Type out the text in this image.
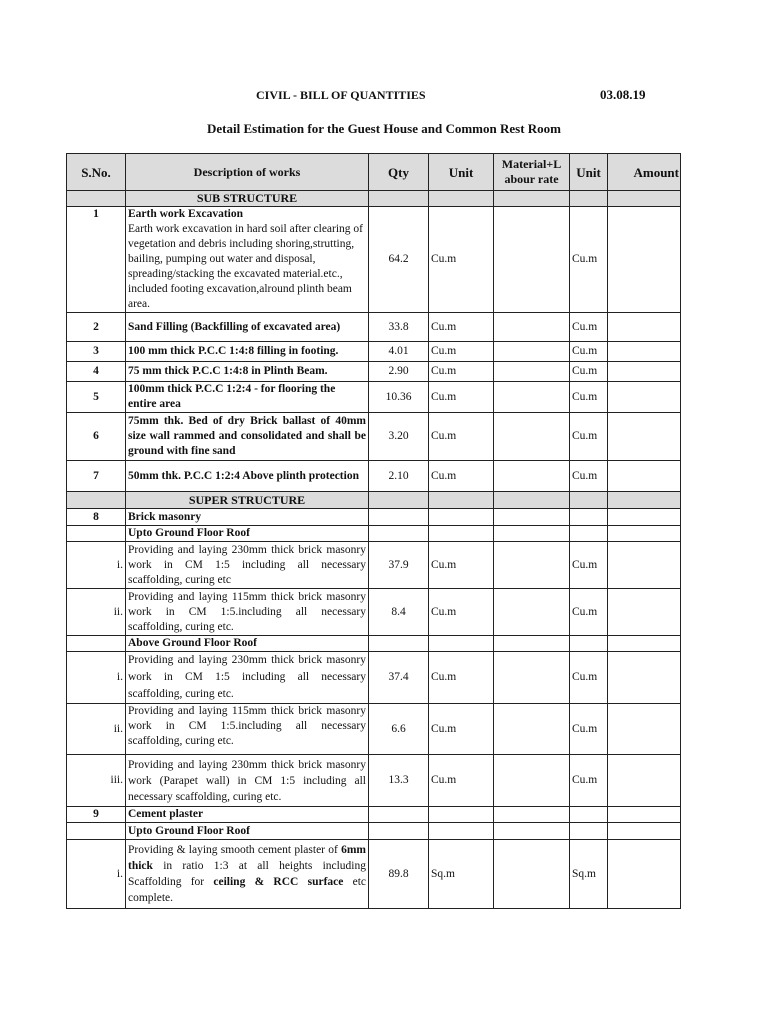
CIVIL - BILL OF QUANTITIES	03.08.19
Detail Estimation for the Guest House and Common Rest Room
S.No.	Description of works	Qty	Unit	Material+L
abour rate	Unit	Amount
	SUB STRUCTURE					
1	Earth work Excavation
Earth work excavation in hard soil after clearing of vegetation and debris including shoring,strutting, bailing, pumping out water and disposal, spreading/stacking the excavated material.etc., included footing excavation,alround plinth beam area.	64.2	Cu.m		Cu.m	
2	Sand Filling (Backfilling of excavated area)	33.8	Cu.m		Cu.m	
3	100 mm thick P.C.C 1:4:8 filling in footing.	4.01	Cu.m		Cu.m	
4	75 mm thick P.C.C 1:4:8 in Plinth Beam.	2.90	Cu.m		Cu.m	
5	100mm thick P.C.C 1:2:4 - for flooring the entire area	10.36	Cu.m		Cu.m	
6	75mm thk. Bed of dry Brick ballast of 40mm size wall rammed and consolidated and shall be ground with fine sand	3.20	Cu.m		Cu.m	
7	50mm thk. P.C.C 1:2:4 Above plinth protection	2.10	Cu.m		Cu.m	
	SUPER STRUCTURE					
8	Brick masonry					
	Upto Ground Floor Roof					
i.	Providing and laying 230mm thick brick masonry work in CM 1:5 including all necessary scaffolding, curing etc	37.9	Cu.m		Cu.m	
ii.	Providing and laying 115mm thick brick masonry work in CM 1:5.including all necessary scaffolding, curing etc.	8.4	Cu.m		Cu.m	
	Above Ground Floor Roof					
i.	Providing and laying 230mm thick brick masonry work in CM 1:5 including all necessary scaffolding, curing etc.	37.4	Cu.m		Cu.m	
ii.	Providing and laying 115mm thick brick masonry work in CM 1:5.including all necessary scaffolding, curing etc.	6.6	Cu.m		Cu.m	
iii.	Providing and laying 230mm thick brick masonry work (Parapet wall) in CM 1:5 including all necessary scaffolding, curing etc.	13.3	Cu.m		Cu.m	
9	Cement plaster					
	Upto Ground Floor Roof					
i.	Providing & laying smooth cement plaster of 6mm thick in ratio 1:3 at all heights including Scaffolding for ceiling & RCC surface etc complete.	89.8	Sq.m		Sq.m	
